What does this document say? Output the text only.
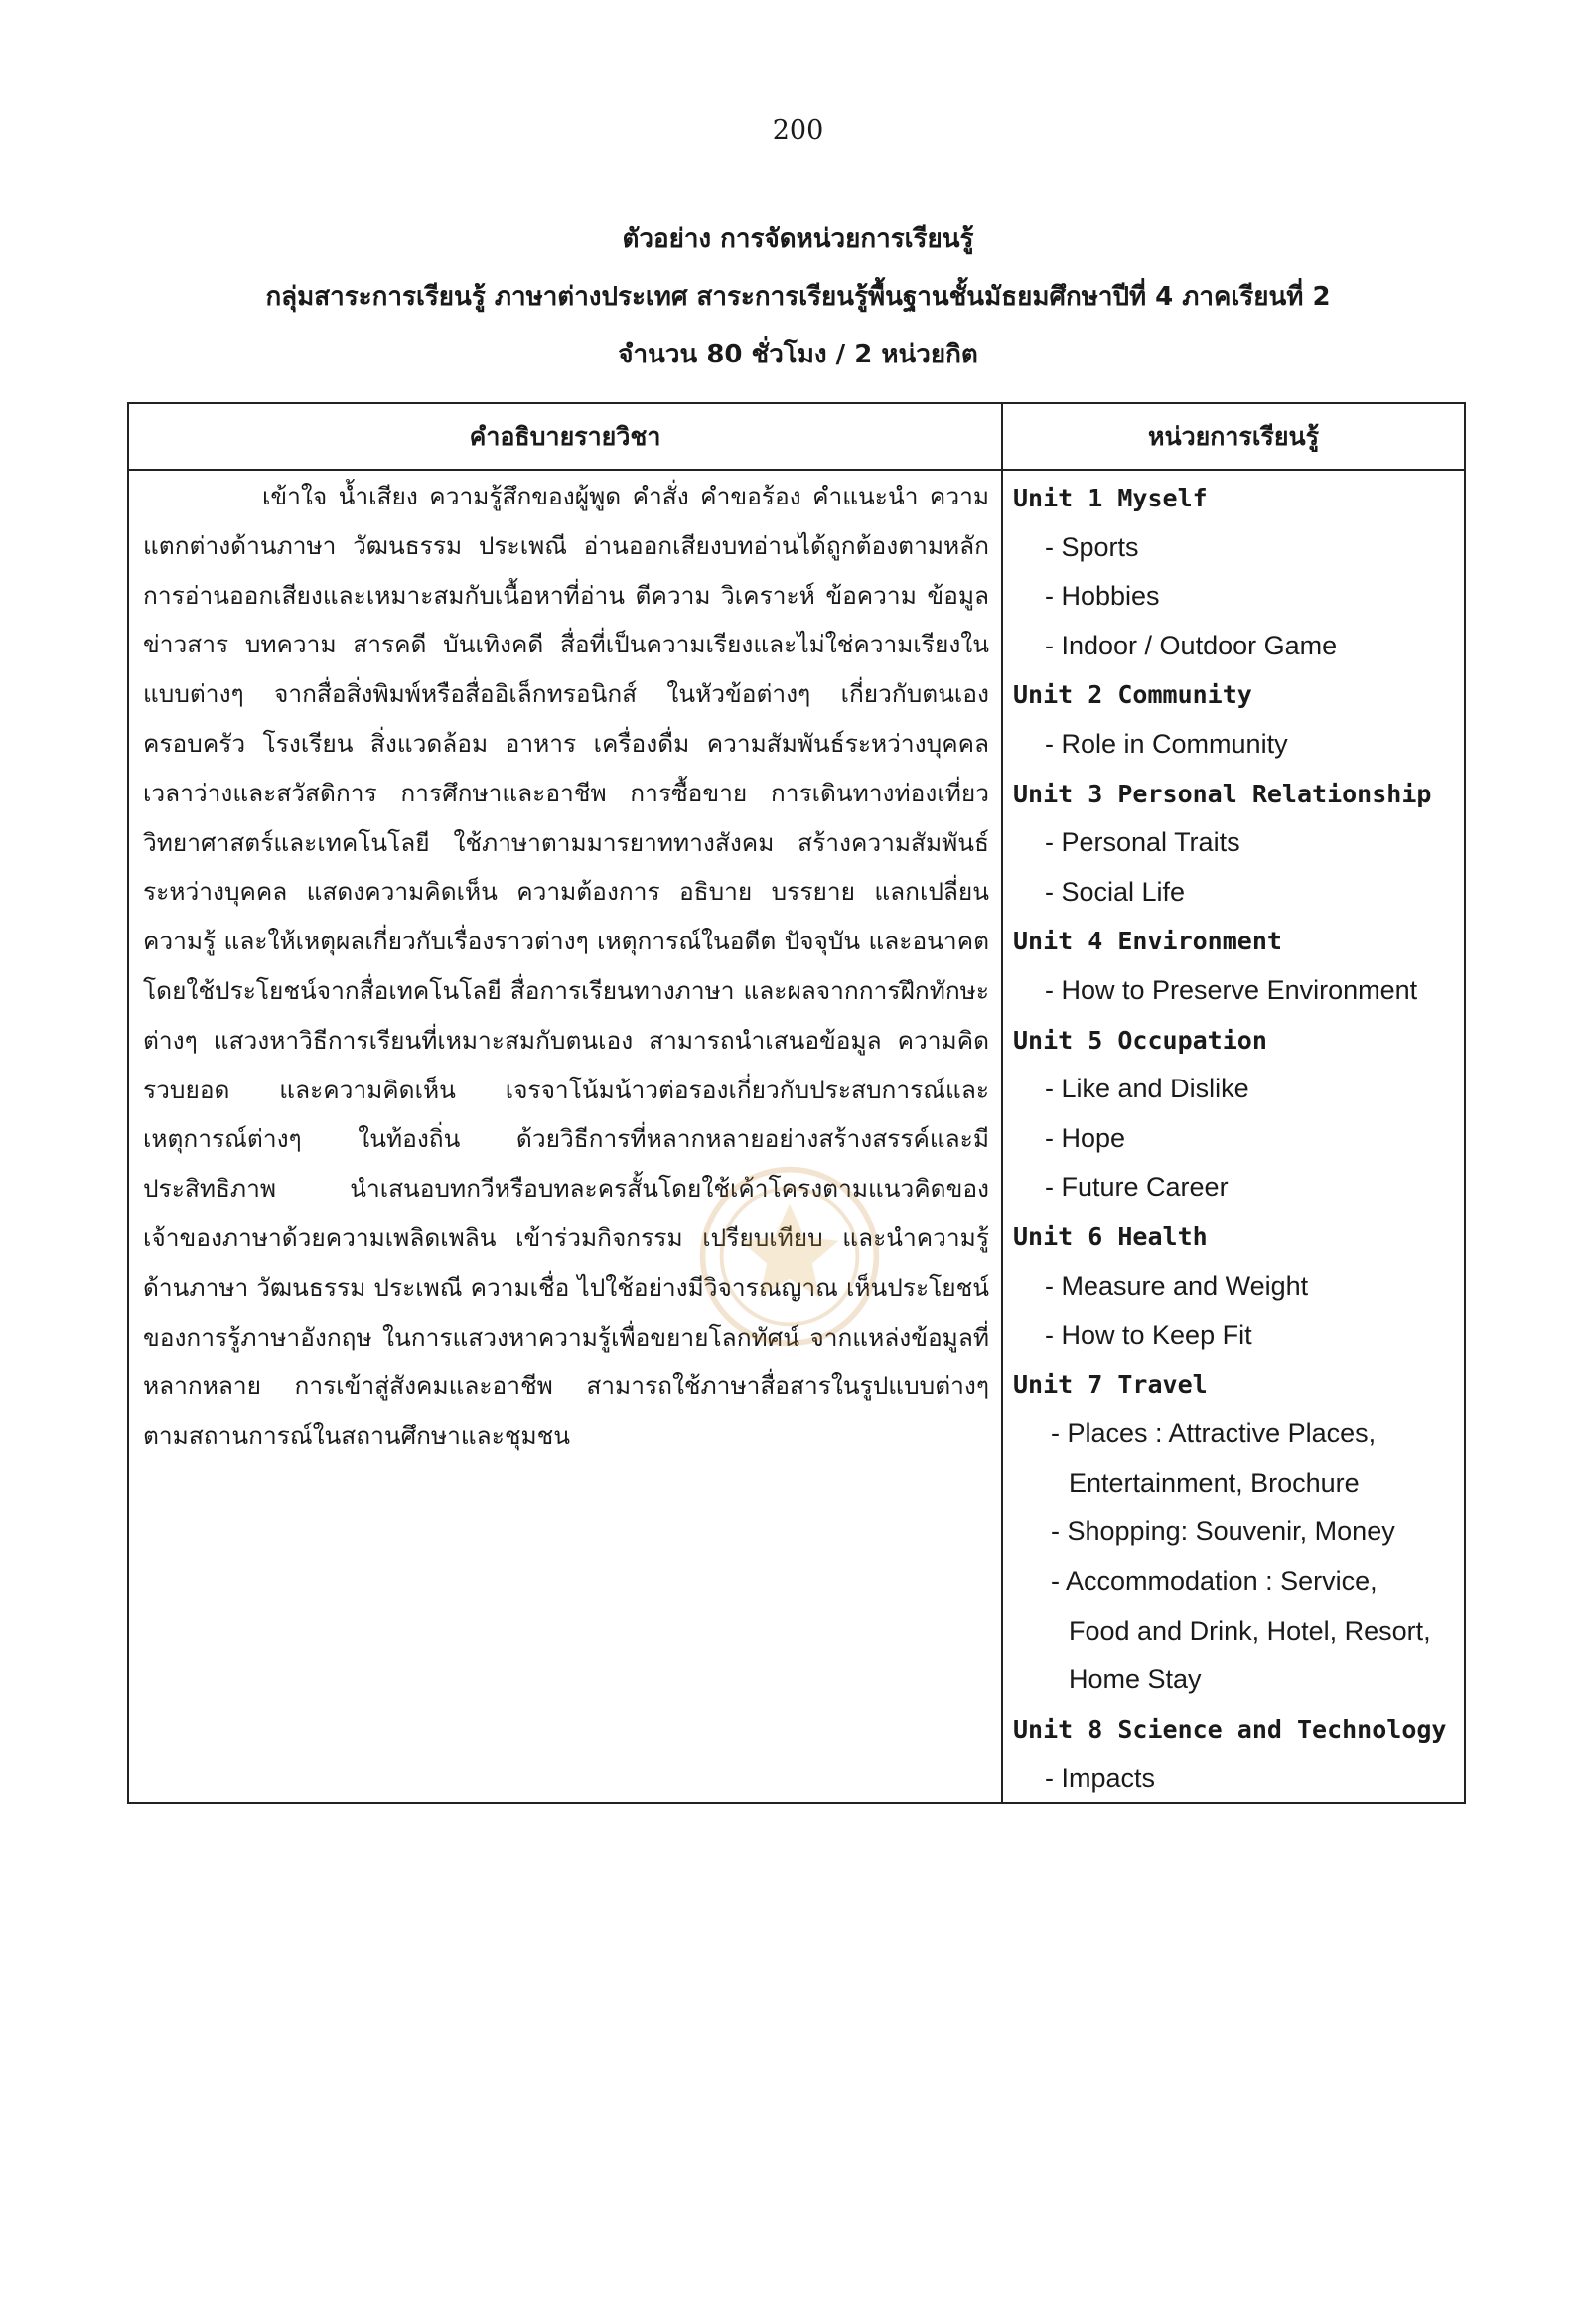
200
ตัวอย่าง การจัดหน่วยการเรียนรู้
กลุ่มสาระการเรียนรู้ ภาษาต่างประเทศ สาระการเรียนรู้พื้นฐานชั้นมัธยมศึกษาปีที่ 4 ภาคเรียนที่ 2
จำนวน 80 ชั่วโมง / 2 หน่วยกิต
คำอธิบายรายวิชา	หน่วยการเรียนรู้

เข้าใจ น้ำเสียง ความรู้สึกของผู้พูด คำสั่ง คำขอร้อง คำแนะนำ ความแตกต่างด้านภาษา วัฒนธรรม ประเพณี อ่านออกเสียงบทอ่านได้ถูกต้องตามหลักการอ่านออกเสียงและเหมาะสมกับเนื้อหาที่อ่าน ตีความ วิเคราะห์ ข้อความ ข้อมูล ข่าวสาร บทความ สารคดี บันเทิงคดี สื่อที่เป็นความเรียงและไม่ใช่ความเรียงในแบบต่างๆ จากสื่อสิ่งพิมพ์หรือสื่ออิเล็กทรอนิกส์ ในหัวข้อต่างๆ เกี่ยวกับตนเอง ครอบครัว โรงเรียน สิ่งแวดล้อม อาหาร เครื่องดื่ม ความสัมพันธ์ระหว่างบุคคล เวลาว่างและสวัสดิการ การศึกษาและอาชีพ การซื้อขาย การเดินทางท่องเที่ยว วิทยาศาสตร์และเทคโนโลยี ใช้ภาษาตามมารยาททางสังคม สร้างความสัมพันธ์ระหว่างบุคคล แสดงความคิดเห็น ความต้องการ อธิบาย บรรยาย แลกเปลี่ยนความรู้ และให้เหตุผลเกี่ยวกับเรื่องราวต่างๆ เหตุการณ์ในอดีต ปัจจุบัน และอนาคต โดยใช้ประโยชน์จากสื่อเทคโนโลยี สื่อการเรียนทางภาษา และผลจากการฝึกทักษะต่างๆ แสวงหาวิธีการเรียนที่เหมาะสมกับตนเอง สามารถนำเสนอข้อมูล ความคิดรวบยอด และความคิดเห็น เจรจาโน้มน้าวต่อรองเกี่ยวกับประสบการณ์และเหตุการณ์ต่างๆ ในท้องถิ่น ด้วยวิธีการที่หลากหลายอย่างสร้างสรรค์และมีประสิทธิภาพ นำเสนอบทกวีหรือบทละครสั้นโดยใช้เค้าโครงตามแนวคิดของเจ้าของภาษาด้วยความเพลิดเพลิน เข้าร่วมกิจกรรม เปรียบเทียบ และนำความรู้ด้านภาษา วัฒนธรรม ประเพณี ความเชื่อ ไปใช้อย่างมีวิจารณญาณ เห็นประโยชน์ของการรู้ภาษาอังกฤษ ในการแสวงหาความรู้เพื่อขยายโลกทัศน์ จากแหล่งข้อมูลที่หลากหลาย การเข้าสู่สังคมและอาชีพ สามารถใช้ภาษาสื่อสารในรูปแบบต่างๆ ตามสถานการณ์ในสถานศึกษาและชุมชน

Unit 1 Myself
- Sports
- Hobbies
- Indoor / Outdoor Game
Unit 2 Community
- Role in Community
Unit 3 Personal Relationship
- Personal Traits
- Social Life
Unit 4 Environment
- How to Preserve Environment
Unit 5 Occupation
- Like and Dislike
- Hope
- Future Career
Unit 6 Health
- Measure and Weight
- How to Keep Fit
Unit 7 Travel
- Places : Attractive Places,
Entertainment, Brochure
- Shopping: Souvenir, Money
- Accommodation : Service,
Food and Drink, Hotel, Resort,
Home Stay
Unit 8 Science and Technology
- Impacts
